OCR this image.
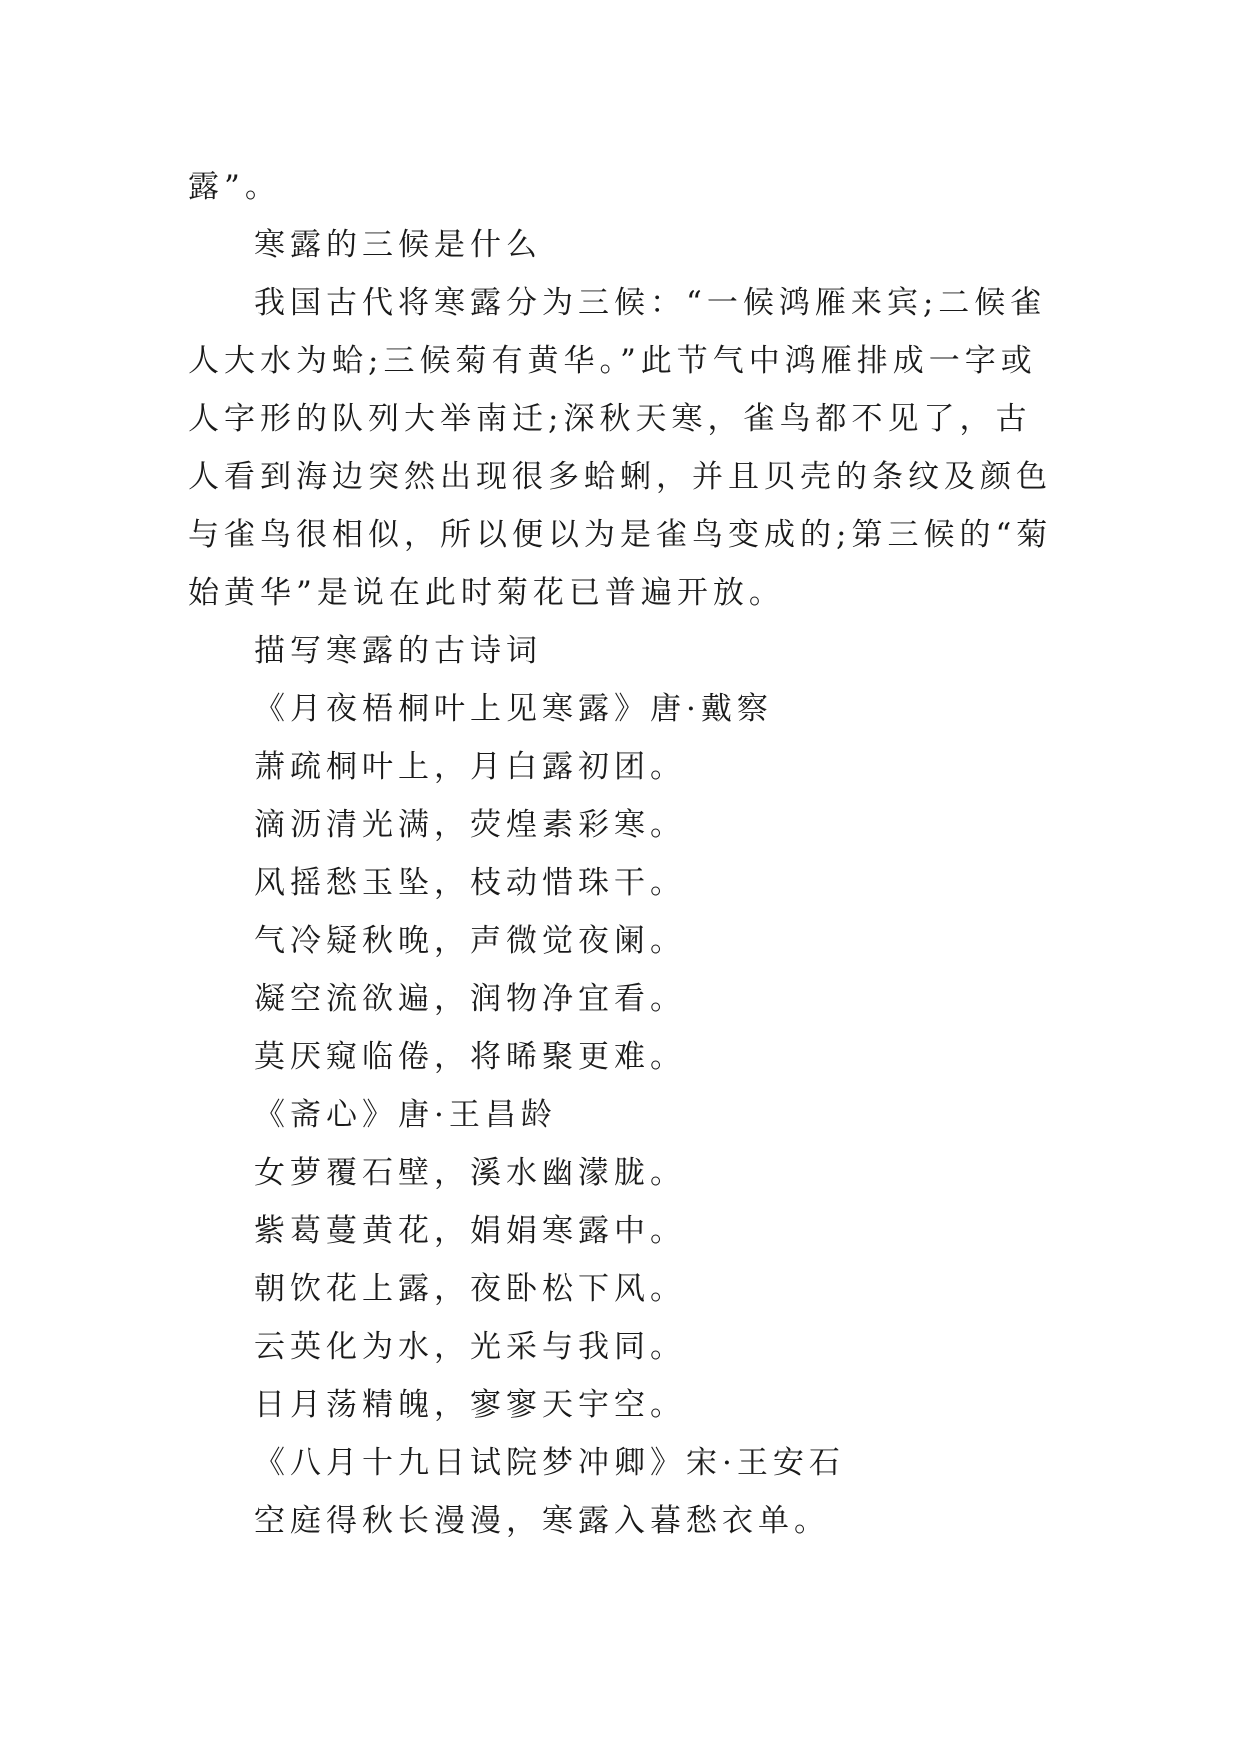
露”。

寒露的三候是什么

我国古代将寒露分为三候：“一候鸿雁来宾;二候雀人大水为蛤;三候菊有黄华。”此节气中鸿雁排成一字或人字形的队列大举南迁;深秋天寒，雀鸟都不见了，古人看到海边突然出现很多蛤蜊，并且贝壳的条纹及颜色与雀鸟很相似，所以便以为是雀鸟变成的;第三候的“菊始黄华”是说在此时菊花已普遍开放。

描写寒露的古诗词

《月夜梧桐叶上见寒露》唐·戴察

萧疏桐叶上，月白露初团。

滴沥清光满，荧煌素彩寒。

风摇愁玉坠，枝动惜珠干。

气冷疑秋晚，声微觉夜阑。

凝空流欲遍，润物净宜看。

莫厌窥临倦，将晞聚更难。

《斋心》唐·王昌龄

女萝覆石壁，溪水幽濛胧。

紫葛蔓黄花，娟娟寒露中。

朝饮花上露，夜卧松下风。

云英化为水，光采与我同。

日月荡精魄，寥寥天宇空。

《八月十九日试院梦冲卿》宋·王安石

空庭得秋长漫漫，寒露入暮愁衣单。
